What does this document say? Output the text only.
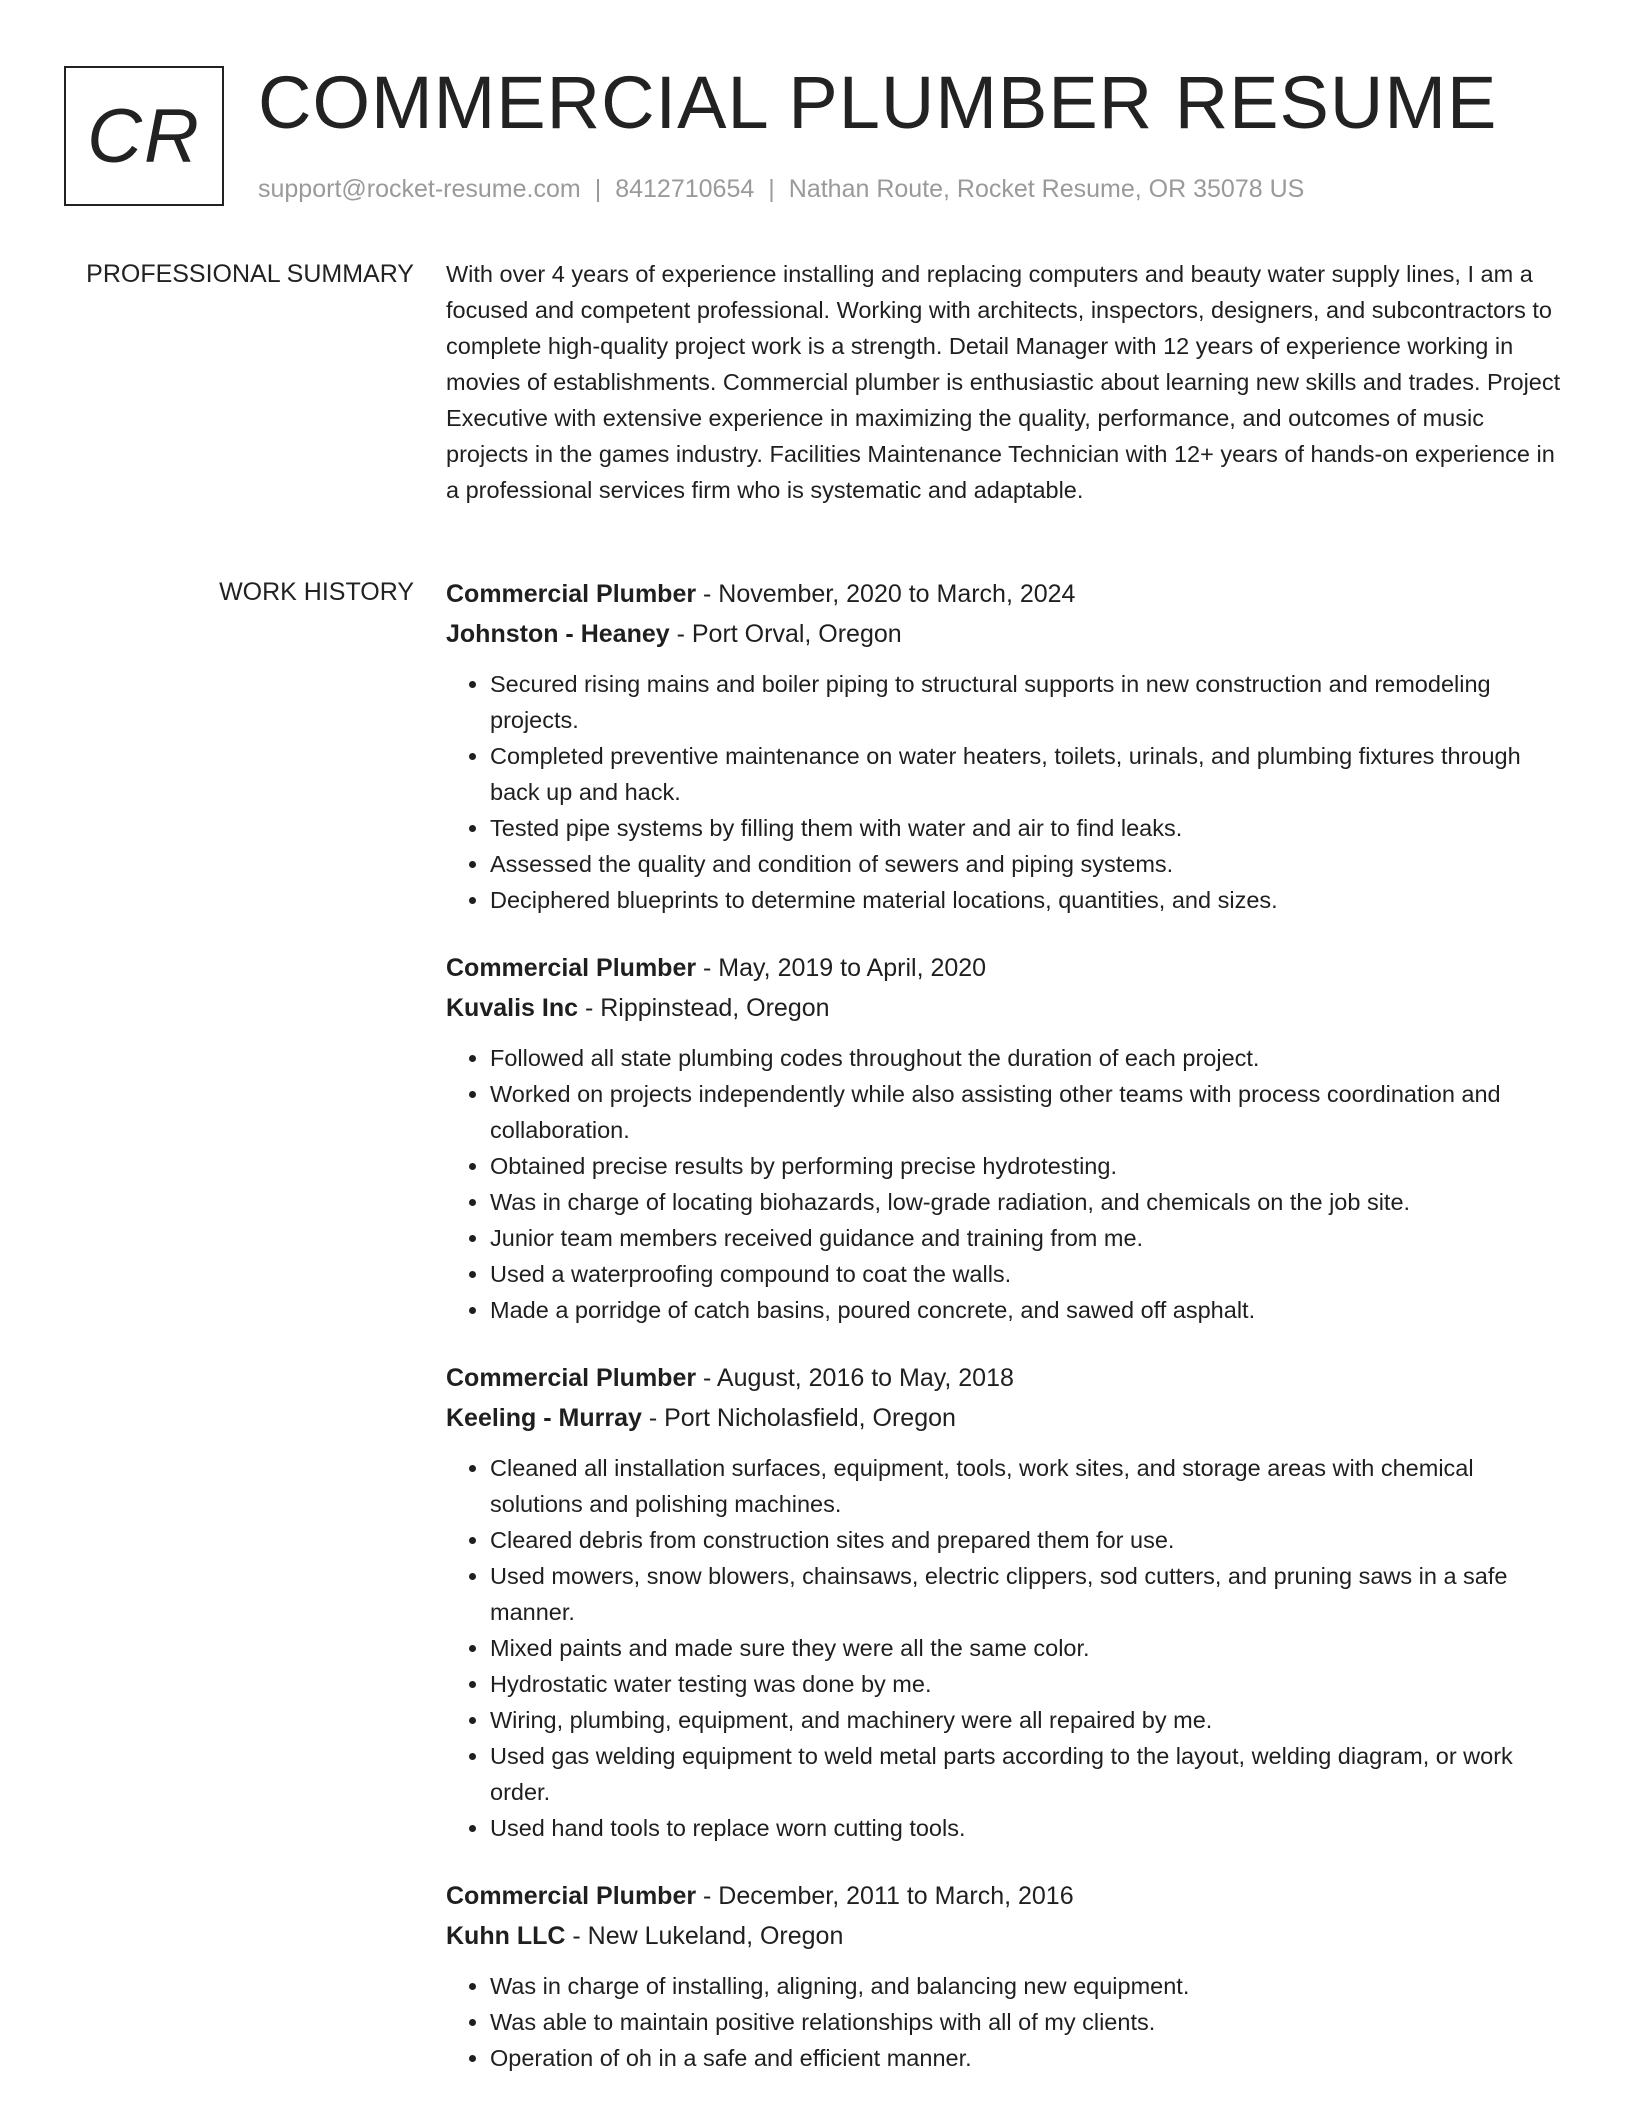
CR COMMERCIAL PLUMBER RESUME
support@rocket-resume.com | 8412710654 | Nathan Route, Rocket Resume, OR 35078 US
PROFESSIONAL SUMMARY With over 4 years of experience installing and replacing computers and beauty water supply lines, I am a focused and competent professional. Working with architects, inspectors, designers, and subcontractors to complete high-quality project work is a strength. Detail Manager with 12 years of experience working in movies of establishments. Commercial plumber is enthusiastic about learning new skills and trades. Project Executive with extensive experience in maximizing the quality, performance, and outcomes of music projects in the games industry. Facilities Maintenance Technician with 12+ years of hands-on experience in a professional services firm who is systematic and adaptable.

WORK HISTORY Commercial Plumber - November, 2020 to March, 2024

Johnston - Heaney - Port Orval, Oregon

• Secured rising mains and boiler piping to structural supports in new construction and remodeling projects.
• Completed preventive maintenance on water heaters, toilets, urinals, and plumbing fixtures through back up and hack.
• Tested pipe systems by filling them with water and air to find leaks.
• Assessed the quality and condition of sewers and piping systems.
• Deciphered blueprints to determine material locations, quantities, and sizes.

Commercial Plumber - May, 2019 to April, 2020

Kuvalis Inc - Rippinstead, Oregon

• Followed all state plumbing codes throughout the duration of each project.
• Worked on projects independently while also assisting other teams with process coordination and collaboration.
• Obtained precise results by performing precise hydrotesting.
• Was in charge of locating biohazards, low-grade radiation, and chemicals on the job site.
• Junior team members received guidance and training from me.
• Used a waterproofing compound to coat the walls.
• Made a porridge of catch basins, poured concrete, and sawed off asphalt.

Commercial Plumber - August, 2016 to May, 2018

Keeling - Murray - Port Nicholasfield, Oregon

• Cleaned all installation surfaces, equipment, tools, work sites, and storage areas with chemical solutions and polishing machines.
• Cleared debris from construction sites and prepared them for use.
• Used mowers, snow blowers, chainsaws, electric clippers, sod cutters, and pruning saws in a safe manner.
• Mixed paints and made sure they were all the same color.
• Hydrostatic water testing was done by me.
• Wiring, plumbing, equipment, and machinery were all repaired by me.
• Used gas welding equipment to weld metal parts according to the layout, welding diagram, or work order.
• Used hand tools to replace worn cutting tools.

Commercial Plumber - December, 2011 to March, 2016

Kuhn LLC - New Lukeland, Oregon

• Was in charge of installing, aligning, and balancing new equipment.
• Was able to maintain positive relationships with all of my clients.
• Operation of oh in a safe and efficient manner.
